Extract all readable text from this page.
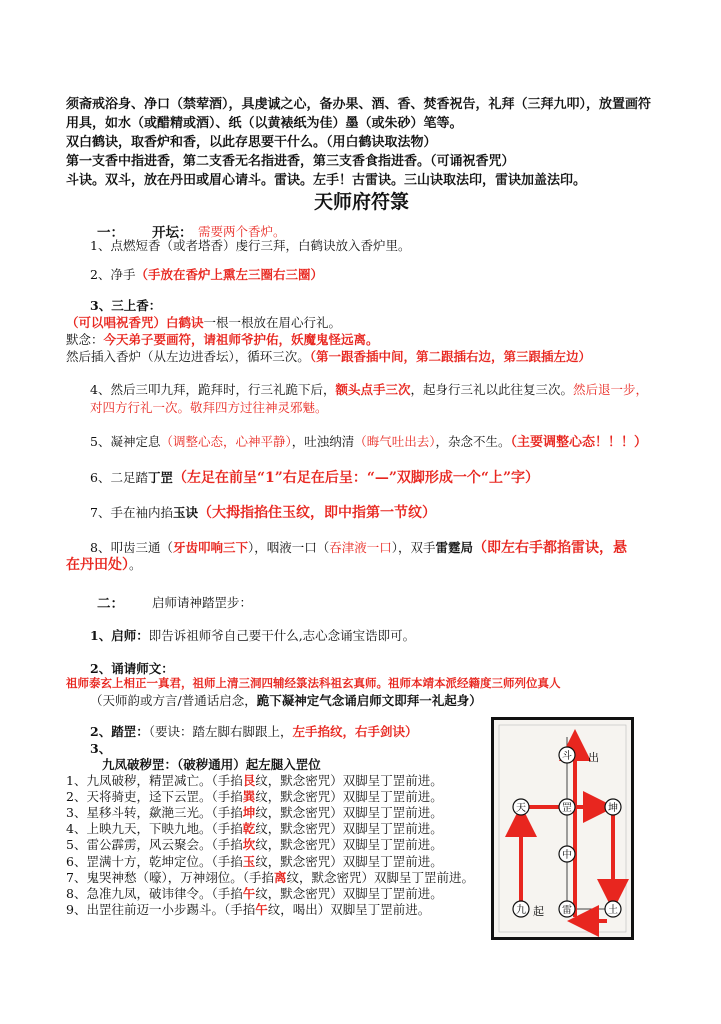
须斋戒浴身、净口（禁荤酒），具虔诚之心，备办果、酒、香、焚香祝告，礼拜（三拜九叩），放置画符
用具，如水（或醋精或酒）、纸（以黄裱纸为佳）墨（或朱砂）笔等。
双白鹤诀，取香炉和香，以此存思要干什么。（用白鹤诀取法物）
第一支香中指进香，第二支香无名指进香，第三支香食指进香。（可诵祝香咒）
斗诀。双斗，放在丹田或眉心请斗。雷诀。左手！古雷诀。三山诀取法印，雷诀加盖法印。
天师府符箓
一： 开坛： 需要两个香炉。
1、点燃短香（或者塔香）虔行三拜，白鹤诀放入香炉里。
2、净手（手放在香炉上熏左三圈右三圈）
3、三上香：
（可以唱祝香咒）白鹤诀一根一根放在眉心行礼。
默念：今天弟子要画符，请祖师爷护佑，妖魔鬼怪远离。
然后插入香炉（从左边进香坛），循环三次。（第一跟香插中间，第二跟插右边，第三跟插左边）
4、然后三叩九拜，跪拜时，行三礼跪下后，额头点手三次，起身行三礼以此往复三次。然后退一步，
对四方行礼一次。敬拜四方过往神灵邪魅。
5、凝神定息（调整心态，心神平静），吐浊纳清（晦气吐出去），杂念不生。（主要调整心态！！！）
6、二足踏丁罡（左足在前呈“1”右足在后呈：“—”双脚形成一个“上”字）
7、手在袖内掐玉诀（大拇指掐住玉纹，即中指第一节纹）
8、叩齿三通（牙齿叩响三下），咽液一口（吞津液一口），双手雷霆局（即左右手都掐雷诀，悬
在丹田处）。
二： 启师请神踏罡步：
1、启师：即告诉祖师爷自己要干什么,志心念诵宝诰即可。
2、诵请师文：
祖师泰玄上相正一真君，祖师上清三洞四辅经箓法科祖玄真师。祖师本靖本派经籍度三师列位真人
（天师韵或方言/普通话启念，跪下凝神定气念诵启师文即拜一礼起身）
2、踏罡：（要诀：踏左脚右脚跟上，左手掐纹，右手剑诀）
3、
九凤破秽罡：（破秽通用）起左腿入罡位
1、九凤破秽，精罡减亡。（手掐艮纹，默念密咒）双脚呈丁罡前进。
2、天将骑吏，迳下云罡。（手掐巽纹，默念密咒）双脚呈丁罡前进。
3、星移斗转，歘滟三光。（手掐坤纹，默念密咒）双脚呈丁罡前进。
4、上映九天，下映九地。（手掐乾纹，默念密咒）双脚呈丁罡前进。
5、雷公霹雳，风云聚会。（手掐坎纹，默念密咒）双脚呈丁罡前进。
6、罡满十方，乾坤定位。（手掐玉纹，默念密咒）双脚呈丁罡前进。
7、鬼哭神愁（嚎），万神翊位。（手掐离纹，默念密咒）双脚呈丁罡前进。
8、急准九凤，破讳律令。（手掐午纹，默念密咒）双脚呈丁罡前进。
9、出罡往前迈一小步踢斗。（手掐午纹，喝出）双脚呈丁罡前进。
斗
天	罡	坤
中
九	雷	土
出
起
